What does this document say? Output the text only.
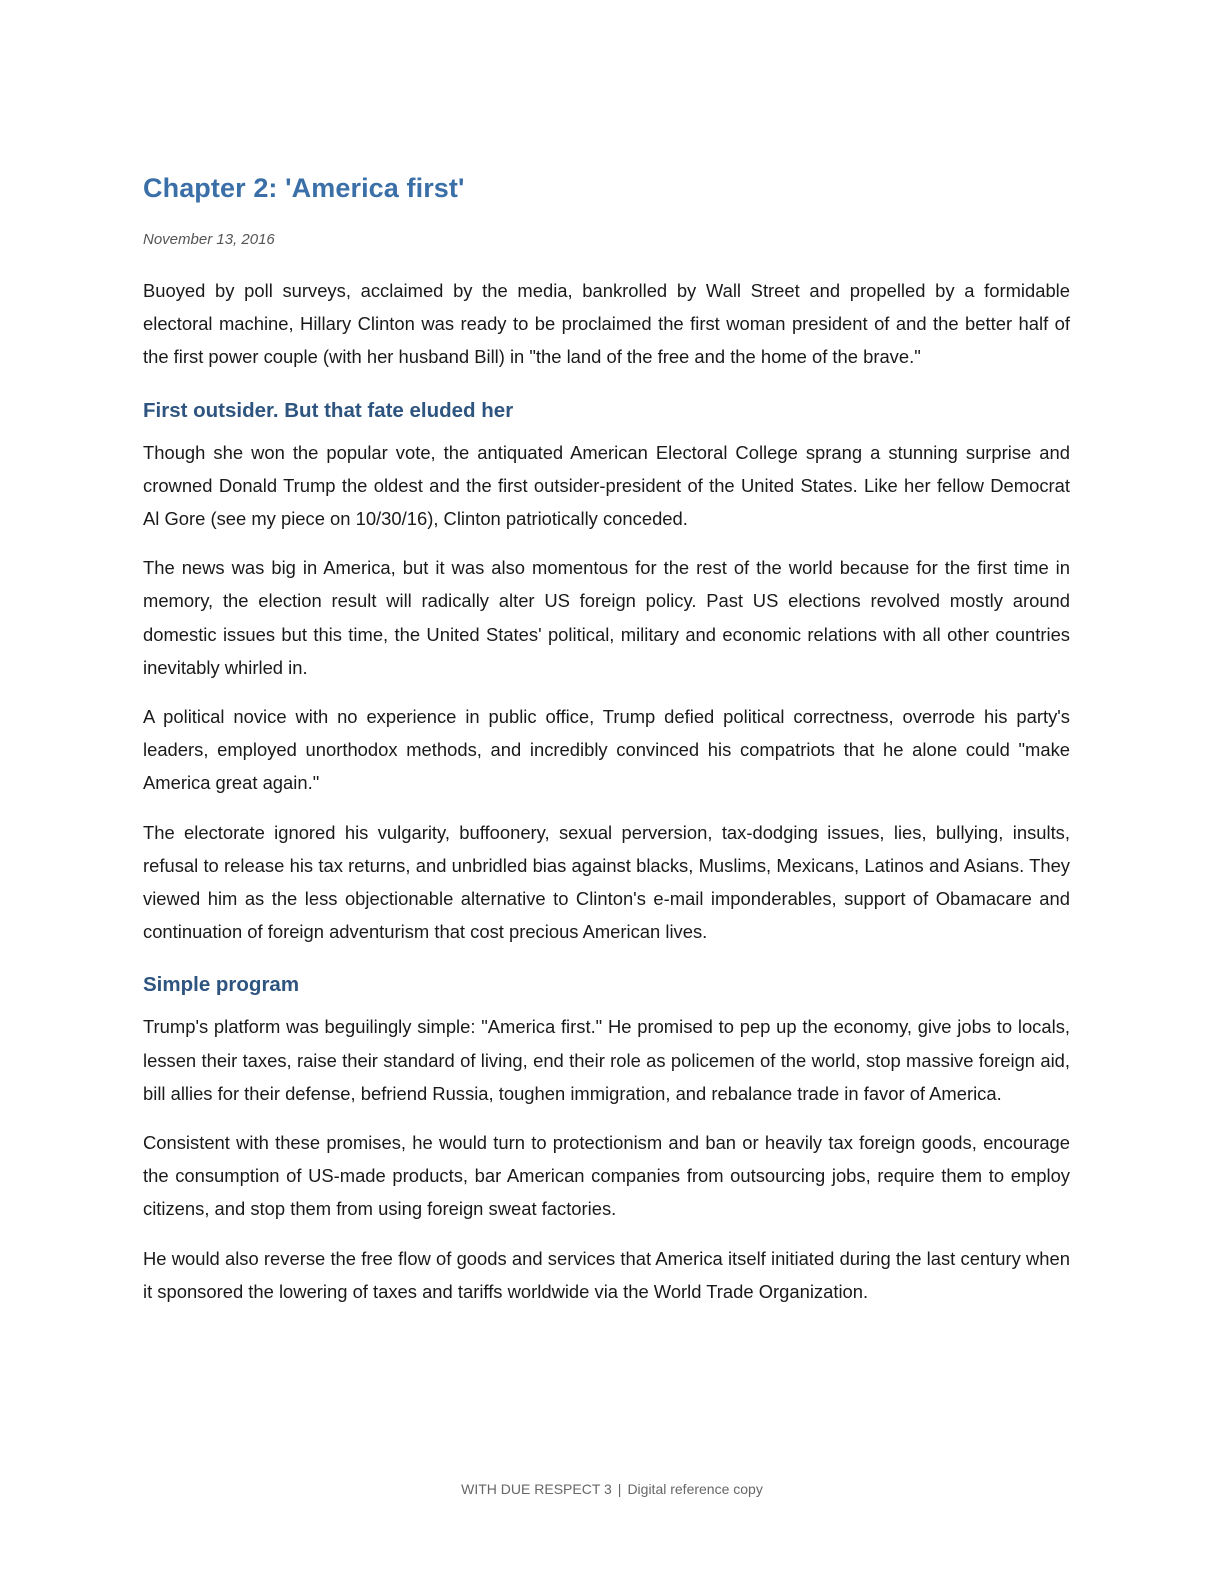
Chapter 2: 'America first'
November 13, 2016

Buoyed by poll surveys, acclaimed by the media, bankrolled by Wall Street and propelled by a formidable electoral machine, Hillary Clinton was ready to be proclaimed the first woman president of and the better half of the first power couple (with her husband Bill) in "the land of the free and the home of the brave."

First outsider. But that fate eluded her

Though she won the popular vote, the antiquated American Electoral College sprang a stunning surprise and crowned Donald Trump the oldest and the first outsider-president of the United States. Like her fellow Democrat Al Gore (see my piece on 10/30/16), Clinton patriotically conceded.

The news was big in America, but it was also momentous for the rest of the world because for the first time in memory, the election result will radically alter US foreign policy. Past US elections revolved mostly around domestic issues but this time, the United States' political, military and economic relations with all other countries inevitably whirled in.

A political novice with no experience in public office, Trump defied political correctness, overrode his party's leaders, employed unorthodox methods, and incredibly convinced his compatriots that he alone could "make America great again."

The electorate ignored his vulgarity, buffoonery, sexual perversion, tax-dodging issues, lies, bullying, insults, refusal to release his tax returns, and unbridled bias against blacks, Muslims, Mexicans, Latinos and Asians. They viewed him as the less objectionable alternative to Clinton's e-mail imponderables, support of Obamacare and continuation of foreign adventurism that cost precious American lives.

Simple program

Trump's platform was beguilingly simple: "America first." He promised to pep up the economy, give jobs to locals, lessen their taxes, raise their standard of living, end their role as policemen of the world, stop massive foreign aid, bill allies for their defense, befriend Russia, toughen immigration, and rebalance trade in favor of America.

Consistent with these promises, he would turn to protectionism and ban or heavily tax foreign goods, encourage the consumption of US-made products, bar American companies from outsourcing jobs, require them to employ citizens, and stop them from using foreign sweat factories.

He would also reverse the free flow of goods and services that America itself initiated during the last century when it sponsored the lowering of taxes and tariffs worldwide via the World Trade Organization.

WITH DUE RESPECT 3 | Digital reference copy
